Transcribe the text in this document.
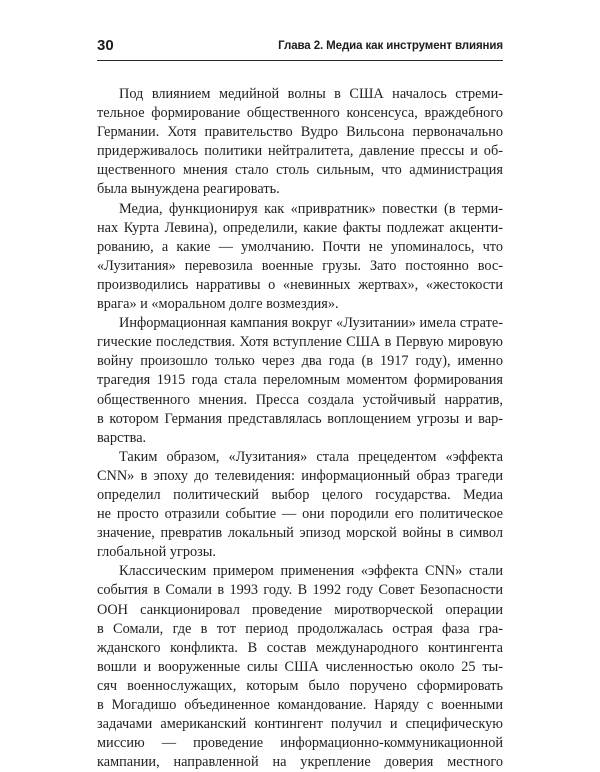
30	Глава 2. Медиа как инструмент влияния

Под влиянием медийной волны в США началось стреми-
тельное формирование общественного консенсуса, враждебного
Германии. Хотя правительство Вудро Вильсона первоначально
придерживалось политики нейтралитета, давление прессы и об-
щественного мнения стало столь сильным, что администрация
была вынуждена реагировать.

Медиа, функционируя как «привратник» повестки (в терми-
нах Курта Левина), определили, какие факты подлежат акценти-
рованию, а какие — умолчанию. Почти не упоминалось, что
«Лузитания» перевозила военные грузы. Зато постоянно вос-
производились нарративы о «невинных жертвах», «жестокости
врага» и «моральном долге возмездия».

Информационная кампания вокруг «Лузитании» имела страте-
гические последствия. Хотя вступление США в Первую мировую
войну произошло только через два года (в 1917 году), именно
трагедия 1915 года стала переломным моментом формирования
общественного мнения. Пресса создала устойчивый нарратив,
в котором Германия представлялась воплощением угрозы и вар-
варства.

Таким образом, «Лузитания» стала прецедентом «эффекта
CNN» в эпоху до телевидения: информационный образ трагеди
определил политический выбор целого государства. Медиа
не просто отразили событие — они породили его политическое
значение, превратив локальный эпизод морской войны в символ
глобальной угрозы.

Классическим примером применения «эффекта CNN» стали
события в Сомали в 1993 году. В 1992 году Совет Безопасности
ООН санкционировал проведение миротворческой операции
в Сомали, где в тот период продолжалась острая фаза гра-
жданского конфликта. В состав международного контингента
вошли и вооруженные силы США численностью около 25 ты-
сяч военнослужащих, которым было поручено сформировать
в Могадишо объединенное командование. Наряду с военными
задачами американский контингент получил и специфическую
миссию — проведение информационно-коммуникационной
кампании, направленной на укрепление доверия местного
